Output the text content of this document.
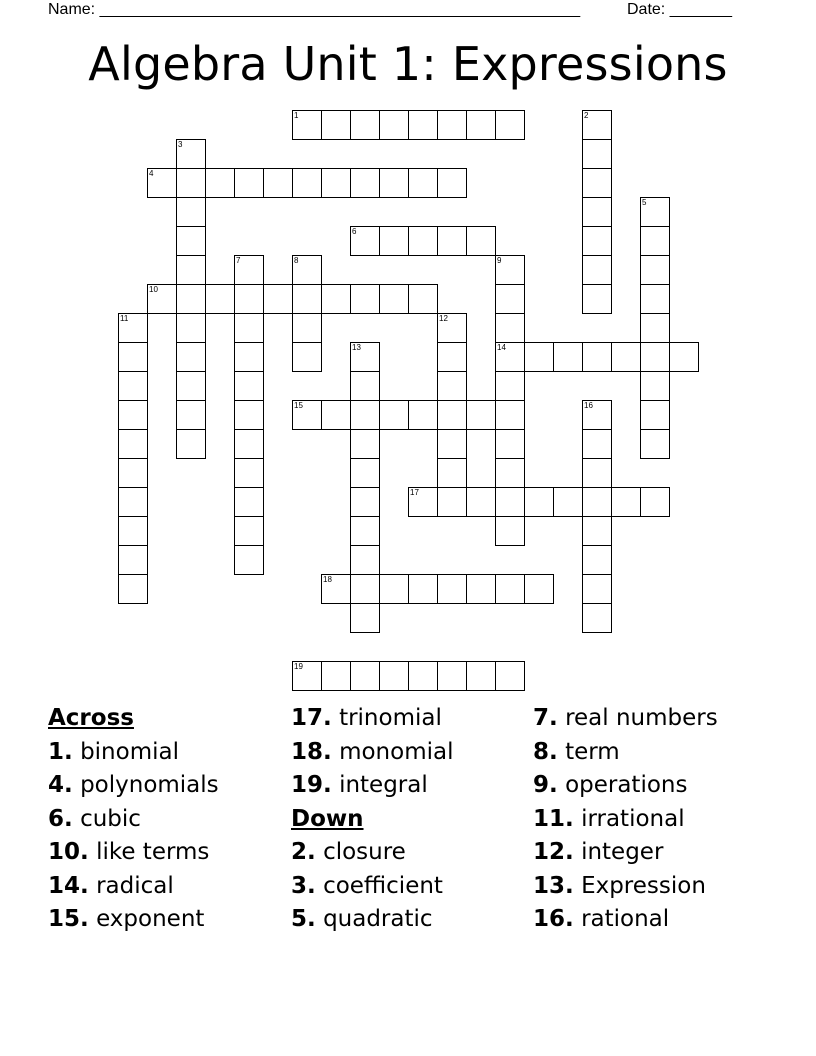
Name: ______________________________________________________	Date: _______
Algebra Unit 1: Expressions
1	2
3
4
5
6
7	8	9
14
10
11	12
13
15	16
17
18
19
Across
1. binomial
4. polynomials
6. cubic
10. like terms
14. radical
15. exponent
17. trinomial
18. monomial
19. integral
Down
2. closure
3. coefficient
5. quadratic
7. real numbers
8. term
9. operations
11. irrational
12. integer
13. Expression
16. rational
